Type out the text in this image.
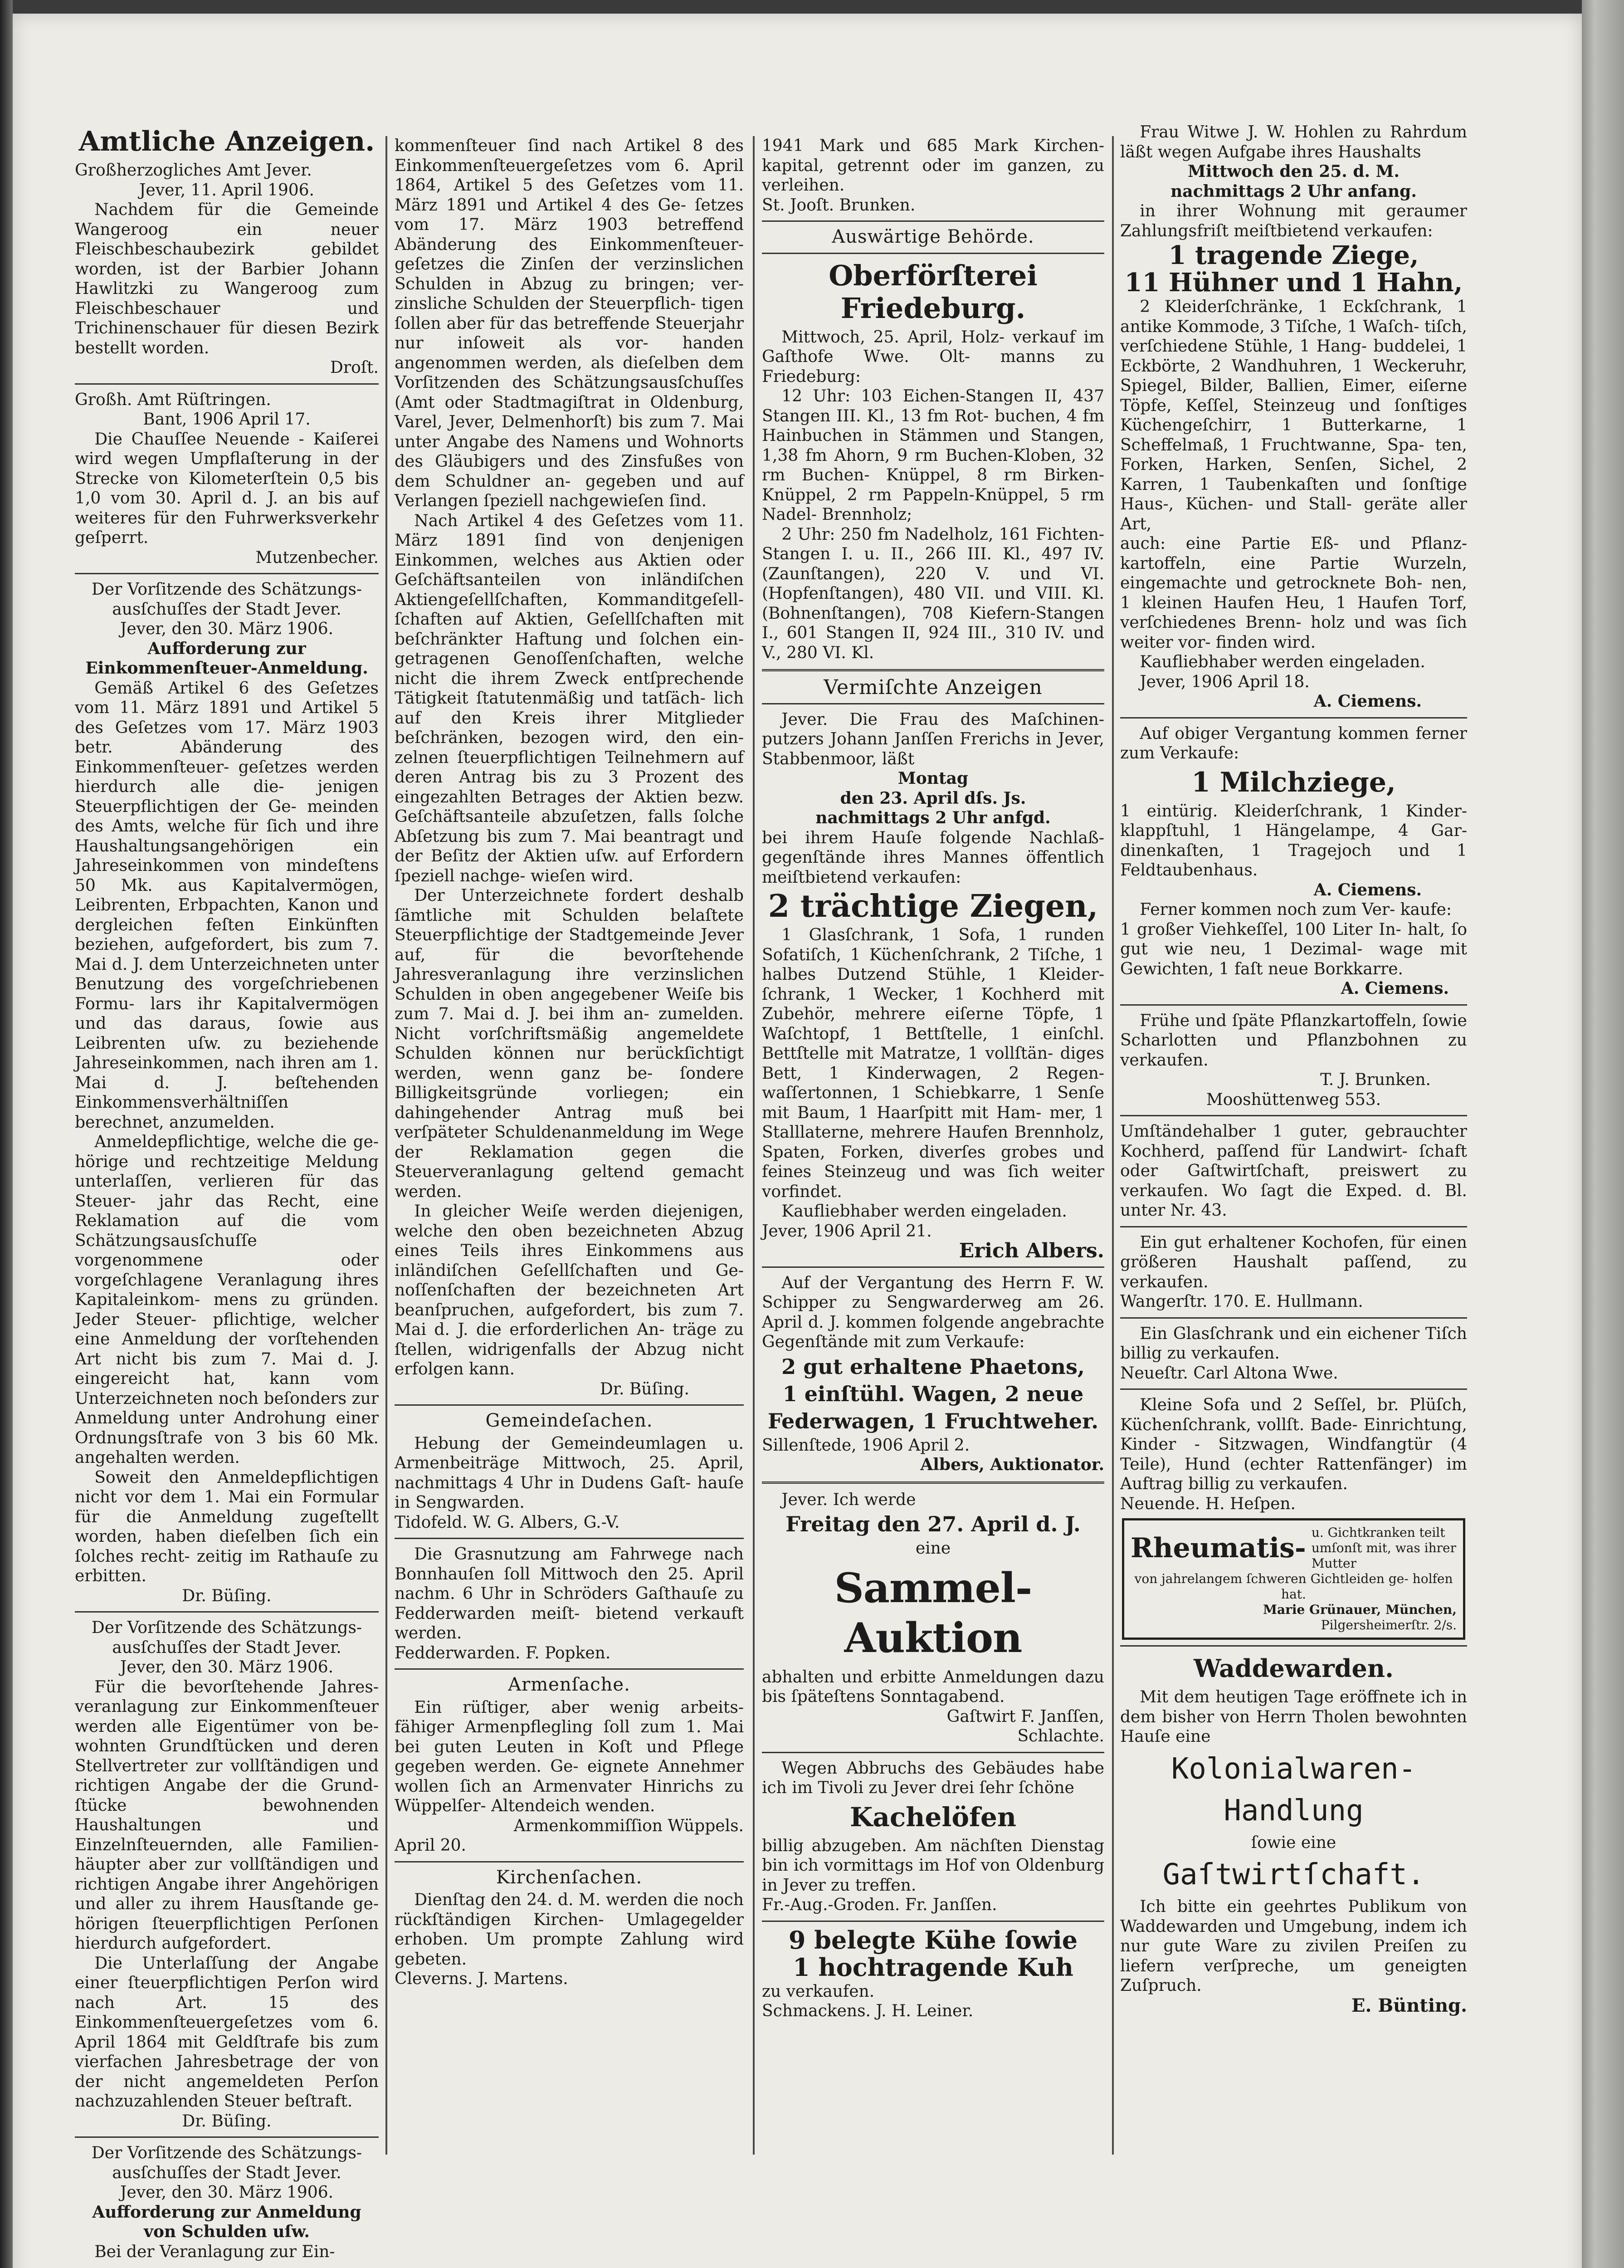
Amtliche Anzeigen.

Großherzogliches Amt Jever.

Jever, 11. April 1906.

Nachdem für die Gemeinde Wangeroog ein neuer Fleischbeschaubezirk gebildet worden, ist der Barbier Johann Hawlitzki zu Wangeroog zum Fleischbeschauer und Trichinenschauer für diesen Bezirk bestellt worden.

Droſt.

Großh. Amt Rüſtringen.

Bant, 1906 April 17.

Die Chauſſee Neuende - Kaiſerei wird wegen Umpflaſterung in der Strecke von Kilometerſtein 0,5 bis 1,0 vom 30. April d. J. an bis auf weiteres für den Fuhrwerksverkehr geſperrt.

Mutzenbecher.

Der Vorſitzende des Schätzungs- ausſchuſſes der Stadt Jever.

Jever, den 30. März 1906.

Aufforderung zur
Einkommenſteuer-Anmeldung.

Gemäß Artikel 6 des Geſetzes vom 11. März 1891 und Artikel 5 des Geſetzes vom 17. März 1903 betr. Abänderung des Einkommenſteuer- geſetzes werden hierdurch alle die- jenigen Steuerpflichtigen der Ge- meinden des Amts, welche für ſich und ihre Haushaltungsangehörigen ein Jahreseinkommen von mindeſtens 50 Mk. aus Kapitalvermögen, Leibrenten, Erbpachten, Kanon und dergleichen feſten Einkünften beziehen, aufgefordert, bis zum 7. Mai d. J. dem Unterzeichneten unter Benutzung des vorgeſchriebenen Formu- lars ihr Kapitalvermögen und das daraus, ſowie aus Leibrenten uſw. zu beziehende Jahreseinkommen, nach ihren am 1. Mai d. J. beſtehenden Einkommensverhältniſſen berechnet, anzumelden.

Anmeldepflichtige, welche die ge- hörige und rechtzeitige Meldung unterlaſſen, verlieren für das Steuer- jahr das Recht, eine Reklamation auf die vom Schätzungsausſchuſſe vorgenommene oder vorgeſchlagene Veranlagung ihres Kapitaleinkom- mens zu gründen. Jeder Steuer- pflichtige, welcher eine Anmeldung der vorſtehenden Art nicht bis zum 7. Mai d. J. eingereicht hat, kann vom Unterzeichneten noch beſonders zur Anmeldung unter Androhung einer Ordnungsſtrafe von 3 bis 60 Mk. angehalten werden.

Soweit den Anmeldepflichtigen nicht vor dem 1. Mai ein Formular für die Anmeldung zugeſtellt worden, haben dieſelben ſich ein ſolches recht- zeitig im Rathauſe zu erbitten.

Dr. Büſing.

Der Vorſitzende des Schätzungs- ausſchuſſes der Stadt Jever.

Jever, den 30. März 1906.

Für die bevorſtehende Jahres- veranlagung zur Einkommenſteuer werden alle Eigentümer von be- wohnten Grundſtücken und deren Stellvertreter zur vollſtändigen und richtigen Angabe der die Grund- ſtücke bewohnenden Haushaltungen und Einzelnſteuernden, alle Familien- häupter aber zur vollſtändigen und richtigen Angabe ihrer Angehörigen und aller zu ihrem Hausſtande ge- hörigen ſteuerpflichtigen Perſonen hierdurch aufgefordert.

Die Unterlaſſung der Angabe einer ſteuerpflichtigen Perſon wird nach Art. 15 des Einkommenſteuergeſetzes vom 6. April 1864 mit Geldſtrafe bis zum vierfachen Jahresbetrage der von der nicht angemeldeten Perſon nachzuzahlenden Steuer beſtraft.

Dr. Büſing.

Der Vorſitzende des Schätzungs- ausſchuſſes der Stadt Jever.

Jever, den 30. März 1906.

Aufforderung zur Anmeldung
von Schulden uſw.

Bei der Veranlagung zur Ein-

kommenſteuer ſind nach Artikel 8 des Einkommenſteuergeſetzes vom 6. April 1864, Artikel 5 des Geſetzes vom 11. März 1891 und Artikel 4 des Ge- ſetzes vom 17. März 1903 betreffend Abänderung des Einkommenſteuer- geſetzes die Zinſen der verzinslichen Schulden in Abzug zu bringen; ver- zinsliche Schulden der Steuerpflich- tigen ſollen aber für das betreffende Steuerjahr nur inſoweit als vor- handen angenommen werden, als dieſelben dem Vorſitzenden des Schätzungsausſchuſſes (Amt oder Stadtmagiſtrat in Oldenburg, Varel, Jever, Delmenhorſt) bis zum 7. Mai unter Angabe des Namens und Wohnorts des Gläubigers und des Zinsfußes von dem Schuldner an- gegeben und auf Verlangen ſpeziell nachgewieſen ſind.

Nach Artikel 4 des Geſetzes vom 11. März 1891 ſind von denjenigen Einkommen, welches aus Aktien oder Geſchäftsanteilen von inländiſchen Aktiengeſellſchaften, Kommanditgeſell- ſchaften auf Aktien, Geſellſchaften mit beſchränkter Haftung und ſolchen ein- getragenen Genoſſenſchaften, welche nicht die ihrem Zweck entſprechende Tätigkeit ſtatutenmäßig und tatſäch- lich auf den Kreis ihrer Mitglieder beſchränken, bezogen wird, den ein- zelnen ſteuerpflichtigen Teilnehmern auf deren Antrag bis zu 3 Prozent des eingezahlten Betrages der Aktien bezw. Geſchäftsanteile abzuſetzen, falls ſolche Abſetzung bis zum 7. Mai beantragt und der Beſitz der Aktien uſw. auf Erfordern ſpeziell nachge- wieſen wird.

Der Unterzeichnete fordert deshalb ſämtliche mit Schulden belaſtete Steuerpflichtige der Stadtgemeinde Jever auf, für die bevorſtehende Jahresveranlagung ihre verzinslichen Schulden in oben angegebener Weiſe bis zum 7. Mai d. J. bei ihm an- zumelden. Nicht vorſchriftsmäßig angemeldete Schulden können nur berückſichtigt werden, wenn ganz be- ſondere Billigkeitsgründe vorliegen; ein dahingehender Antrag muß bei verſpäteter Schuldenanmeldung im Wege der Reklamation gegen die Steuerveranlagung geltend gemacht werden.

In gleicher Weiſe werden diejenigen, welche den oben bezeichneten Abzug eines Teils ihres Einkommens aus inländiſchen Geſellſchaften und Ge- noſſenſchaften der bezeichneten Art beanſpruchen, aufgefordert, bis zum 7. Mai d. J. die erforderlichen An- träge zu ſtellen, widrigenfalls der Abzug nicht erfolgen kann.

Dr. Büſing.

Gemeindeſachen.

Hebung der Gemeindeumlagen u. Armenbeiträge Mittwoch, 25. April, nachmittags 4 Uhr in Dudens Gaſt- hauſe in Sengwarden.

Tidofeld. W. G. Albers, G.-V.

Die Grasnutzung am Fahrwege nach Bonnhauſen ſoll Mittwoch den 25. April nachm. 6 Uhr in Schröders Gaſthauſe zu Fedderwarden meiſt- bietend verkauft werden.

Fedderwarden. F. Popken.

Armenſache.

Ein rüſtiger, aber wenig arbeits- fähiger Armenpflegling ſoll zum 1. Mai bei guten Leuten in Koſt und Pflege gegeben werden. Ge- eignete Annehmer wollen ſich an Armenvater Hinrichs zu Wüppelſer- Altendeich wenden.

Armenkommiſſion Wüppels.

April 20.

Kirchenſachen.

Dienſtag den 24. d. M. werden die noch rückſtändigen Kirchen- Umlagegelder erhoben. Um prompte Zahlung wird gebeten.

Cleverns. J. Martens.

1941 Mark und 685 Mark Kirchen- kapital, getrennt oder im ganzen, zu verleihen.

St. Jooſt. Brunken.

Auswärtige Behörde.
Oberförſterei Friedeburg.

Mittwoch, 25. April, Holz- verkauf im Gaſthofe Wwe. Olt- manns zu Friedeburg:

12 Uhr: 103 Eichen-Stangen II, 437 Stangen III. Kl., 13 fm Rot- buchen, 4 fm Hainbuchen in Stämmen und Stangen, 1,38 fm Ahorn, 9 rm Buchen-Kloben, 32 rm Buchen- Knüppel, 8 rm Birken-Knüppel, 2 rm Pappeln-Knüppel, 5 rm Nadel- Brennholz;

2 Uhr: 250 fm Nadelholz, 161 Fichten-Stangen I. u. II., 266 III. Kl., 497 IV. (Zaunſtangen), 220 V. und VI. (Hopfenſtangen), 480 VII. und VIII. Kl. (Bohnenſtangen), 708 Kiefern-Stangen I., 601 Stangen II, 924 III., 310 IV. und V., 280 VI. Kl.

Vermiſchte Anzeigen

Jever. Die Frau des Maſchinen- putzers Johann Janſſen Frerichs in Jever, Stabbenmoor, läßt

Montag

den 23. April dſs. Js.

nachmittags 2 Uhr anfgd.

bei ihrem Hauſe folgende Nachlaß- gegenſtände ihres Mannes öffentlich meiſtbietend verkaufen:

2 trächtige Ziegen,

1 Glasſchrank, 1 Sofa, 1 runden Sofatiſch, 1 Küchenſchrank, 2 Tiſche, 1 halbes Dutzend Stühle, 1 Kleider- ſchrank, 1 Wecker, 1 Kochherd mit Zubehör, mehrere eiſerne Töpfe, 1 Waſchtopf, 1 Bettſtelle, 1 einſchl. Bettſtelle mit Matratze, 1 vollſtän- diges Bett, 1 Kinderwagen, 2 Regen- waſſertonnen, 1 Schiebkarre, 1 Senſe mit Baum, 1 Haarſpitt mit Ham- mer, 1 Stalllaterne, mehrere Haufen Brennholz, Spaten, Forken, diverſes grobes und feines Steinzeug und was ſich weiter vorfindet.

Kaufliebhaber werden eingeladen.

Jever, 1906 April 21.

Erich Albers.

Auf der Vergantung des Herrn F. W. Schipper zu Sengwarderweg am 26. April d. J. kommen folgende angebrachte Gegenſtände mit zum Verkaufe:

2 gut erhaltene Phaetons,
1 einſtühl. Wagen, 2 neue
Federwagen, 1 Fruchtweher.

Sillenſtede, 1906 April 2.

Albers, Auktionator.

Jever. Ich werde

Freitag den 27. April d. J.

eine

Sammel-Auktion

abhalten und erbitte Anmeldungen dazu bis ſpäteſtens Sonntagabend.

Gaſtwirt F. Janſſen,

Schlachte.

Wegen Abbruchs des Gebäudes habe ich im Tivoli zu Jever drei ſehr ſchöne

Kachelöfen

billig abzugeben. Am nächſten Dienstag bin ich vormittags im Hof von Oldenburg in Jever zu treffen.

Fr.-Aug.-Groden. Fr. Janſſen.

9 belegte Kühe ſowie
1 hochtragende Kuh

zu verkaufen.

Schmackens. J. H. Leiner.

Frau Witwe J. W. Hohlen zu Rahrdum läßt wegen Aufgabe ihres Haushalts

Mittwoch den 25. d. M.

nachmittags 2 Uhr anfang.

in ihrer Wohnung mit geraumer Zahlungsfriſt meiſtbietend verkaufen:

1 tragende Ziege,
11 Hühner und 1 Hahn,

2 Kleiderſchränke, 1 Eckſchrank, 1 antike Kommode, 3 Tiſche, 1 Waſch- tiſch, verſchiedene Stühle, 1 Hang- buddelei, 1 Eckbörte, 2 Wandhuhren, 1 Weckeruhr, Spiegel, Bilder, Ballien, Eimer, eiſerne Töpfe, Keſſel, Steinzeug und ſonſtiges Küchengeſchirr, 1 Butterkarne, 1 Scheffelmaß, 1 Fruchtwanne, Spa- ten, Forken, Harken, Senſen, Sichel, 2 Karren, 1 Taubenkaſten und ſonſtige Haus-, Küchen- und Stall- geräte aller Art,

auch: eine Partie Eß- und Pflanz- kartoffeln, eine Partie Wurzeln, eingemachte und getrocknete Boh- nen, 1 kleinen Haufen Heu, 1 Haufen Torf, verſchiedenes Brenn- holz und was ſich weiter vor- finden wird.

Kaufliebhaber werden eingeladen.

Jever, 1906 April 18.

A. Ciemens.

Auf obiger Vergantung kommen ferner zum Verkaufe:

1 Milchziege,

1 eintürig. Kleiderſchrank, 1 Kinder- klappſtuhl, 1 Hängelampe, 4 Gar- dinenkaſten, 1 Tragejoch und 1 Feldtaubenhaus.

A. Ciemens.

Ferner kommen noch zum Ver- kaufe:

1 großer Viehkeſſel, 100 Liter In- halt, ſo gut wie neu, 1 Dezimal- wage mit Gewichten, 1 faſt neue Borkkarre.

A. Ciemens.

Frühe und ſpäte Pflanzkartoffeln, ſowie Scharlotten und Pflanzbohnen zu verkaufen.

T. J. Brunken.

Mooshüttenweg 553.

Umſtändehalber 1 guter, gebrauchter Kochherd, paſſend für Landwirt- ſchaft oder Gaſtwirtſchaft, preiswert zu verkaufen. Wo ſagt die Exped. d. Bl. unter Nr. 43.

Ein gut erhaltener Kochofen, für einen größeren Haushalt paſſend, zu verkaufen.

Wangerſtr. 170. E. Hullmann.

Ein Glasſchrank und ein eichener Tiſch billig zu verkaufen.

Neueſtr. Carl Altona Wwe.

Kleine Sofa und 2 Seſſel, br. Plüſch, Küchenſchrank, vollſt. Bade- Einrichtung, Kinder - Sitzwagen, Windfangtür (4 Teile), Hund (echter Rattenfänger) im Auftrag billig zu verkaufen.

Neuende. H. Heſpen.

Rheumatis- u. Gichtkranken teilt umſonſt mit, was ihrer Mutter

von jahrelangem ſchweren Gichtleiden ge- holfen hat.

Marie Grünauer, München,

Pilgersheimerſtr. 2/s.

Waddewarden.

Mit dem heutigen Tage eröffnete ich in dem bisher von Herrn Tholen bewohnten Hauſe eine

Kolonialwaren-
Handlung

ſowie eine

Gaſtwirtſchaft.

Ich bitte ein geehrtes Publikum von Waddewarden und Umgebung, indem ich nur gute Ware zu zivilen Preiſen zu liefern verſpreche, um geneigten Zuſpruch.

E. Bünting.
